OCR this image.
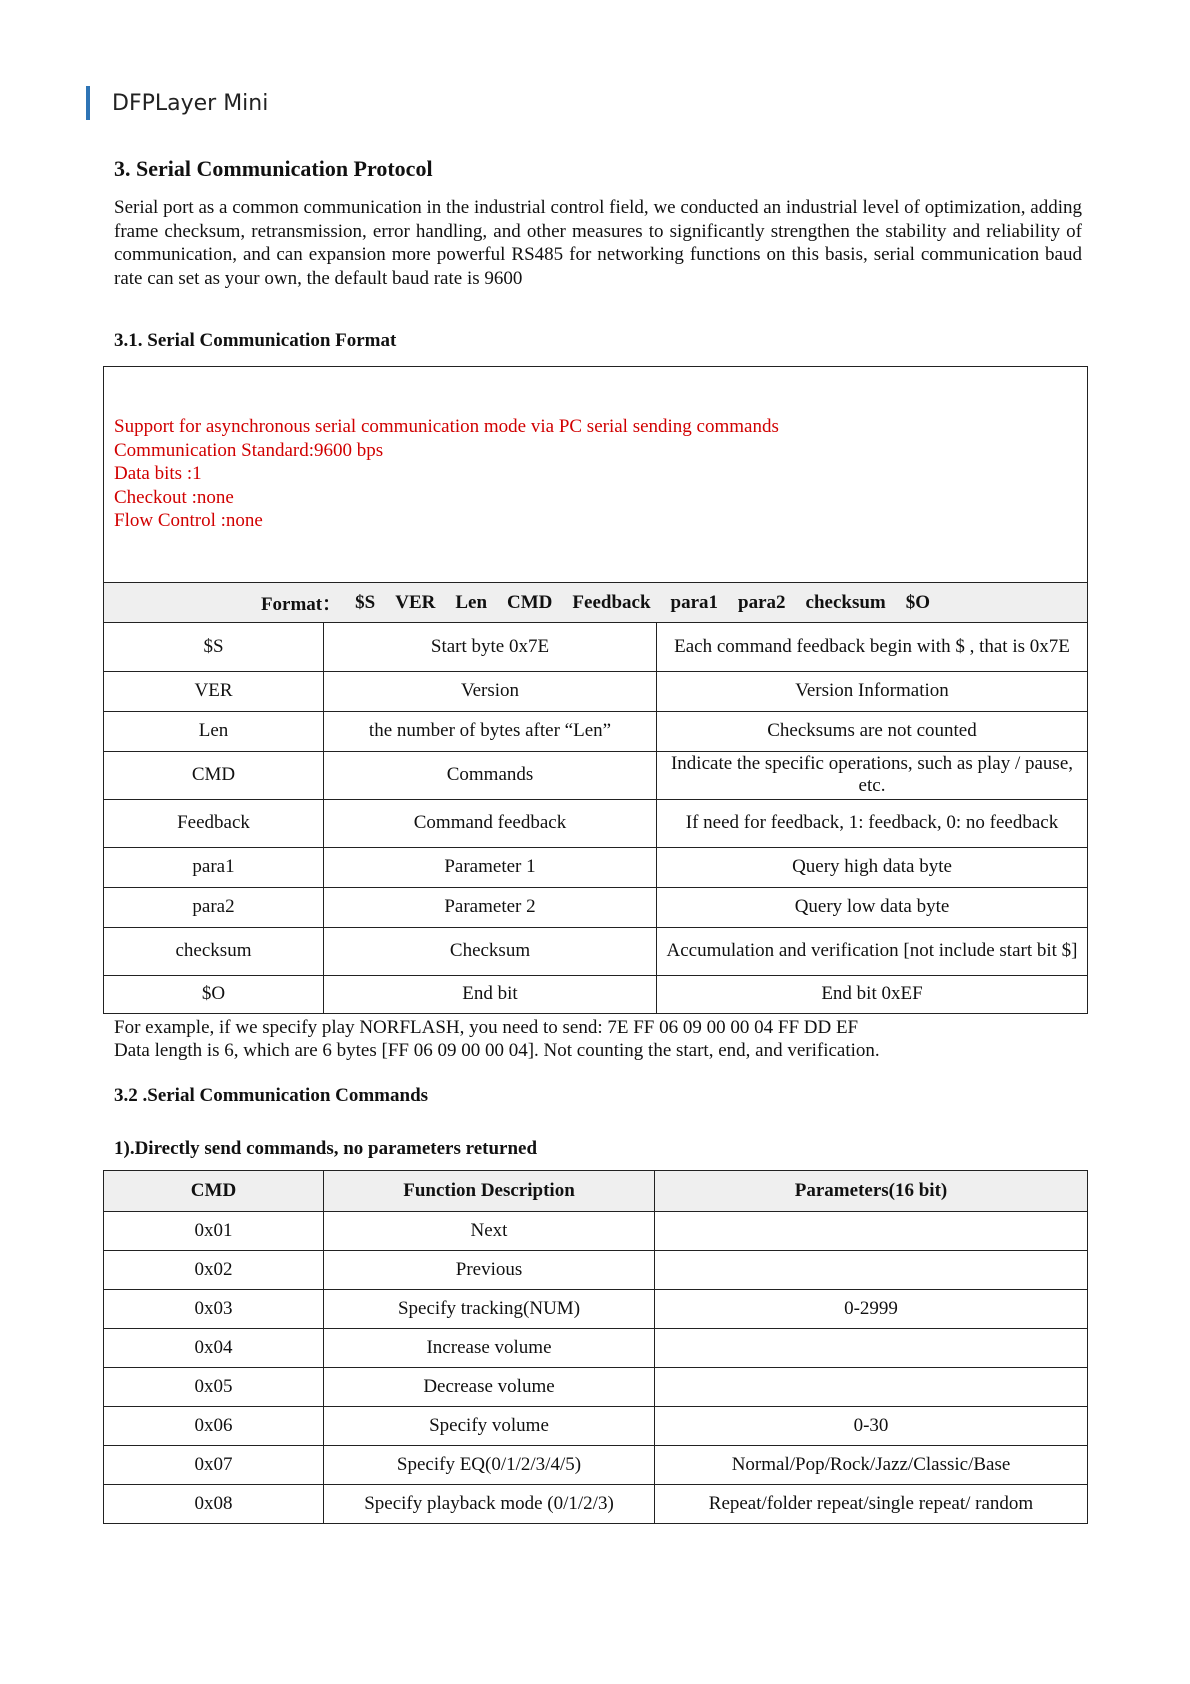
DFPLayer Mini
3. Serial Communication Protocol
Serial port as a common communication in the industrial control field, we conducted an industrial level of optimization, adding frame checksum, retransmission, error handling, and other measures to significantly strengthen the stability and reliability of communication, and can expansion more powerful RS485 for networking functions on this basis, serial communication baud rate can set as your own, the default baud rate is 9600
3.1. Serial Communication Format
Support for asynchronous serial communication mode via PC serial sending commands
Communication Standard:9600 bps
Data bits :1
Checkout :none
Flow Control :none
Format： $S VER Len CMD Feedback para1 para2 checksum $O
$S	Start byte 0x7E	Each command feedback begin with $ , that is 0x7E
VER	Version	Version Information
Len	the number of bytes after “Len”	Checksums are not counted
CMD	Commands	Indicate the specific operations, such as play / pause, etc.
Feedback	Command feedback	If need for feedback, 1: feedback, 0: no feedback
para1	Parameter 1	Query high data byte
para2	Parameter 2	Query low data byte
checksum	Checksum	Accumulation and verification [not include start bit $]
$O	End bit	End bit 0xEF
For example, if we specify play NORFLASH, you need to send: 7E FF 06 09 00 00 04 FF DD EF
Data length is 6, which are 6 bytes [FF 06 09 00 00 04]. Not counting the start, end, and verification.
3.2 .Serial Communication Commands
1).Directly send commands, no parameters returned
CMD	Function Description	Parameters(16 bit)
0x01	Next	
0x02	Previous	
0x03	Specify tracking(NUM)	0-2999
0x04	Increase volume	
0x05	Decrease volume	
0x06	Specify volume	0-30
0x07	Specify EQ(0/1/2/3/4/5)	Normal/Pop/Rock/Jazz/Classic/Base
0x08	Specify playback mode (0/1/2/3)	Repeat/folder repeat/single repeat/ random
